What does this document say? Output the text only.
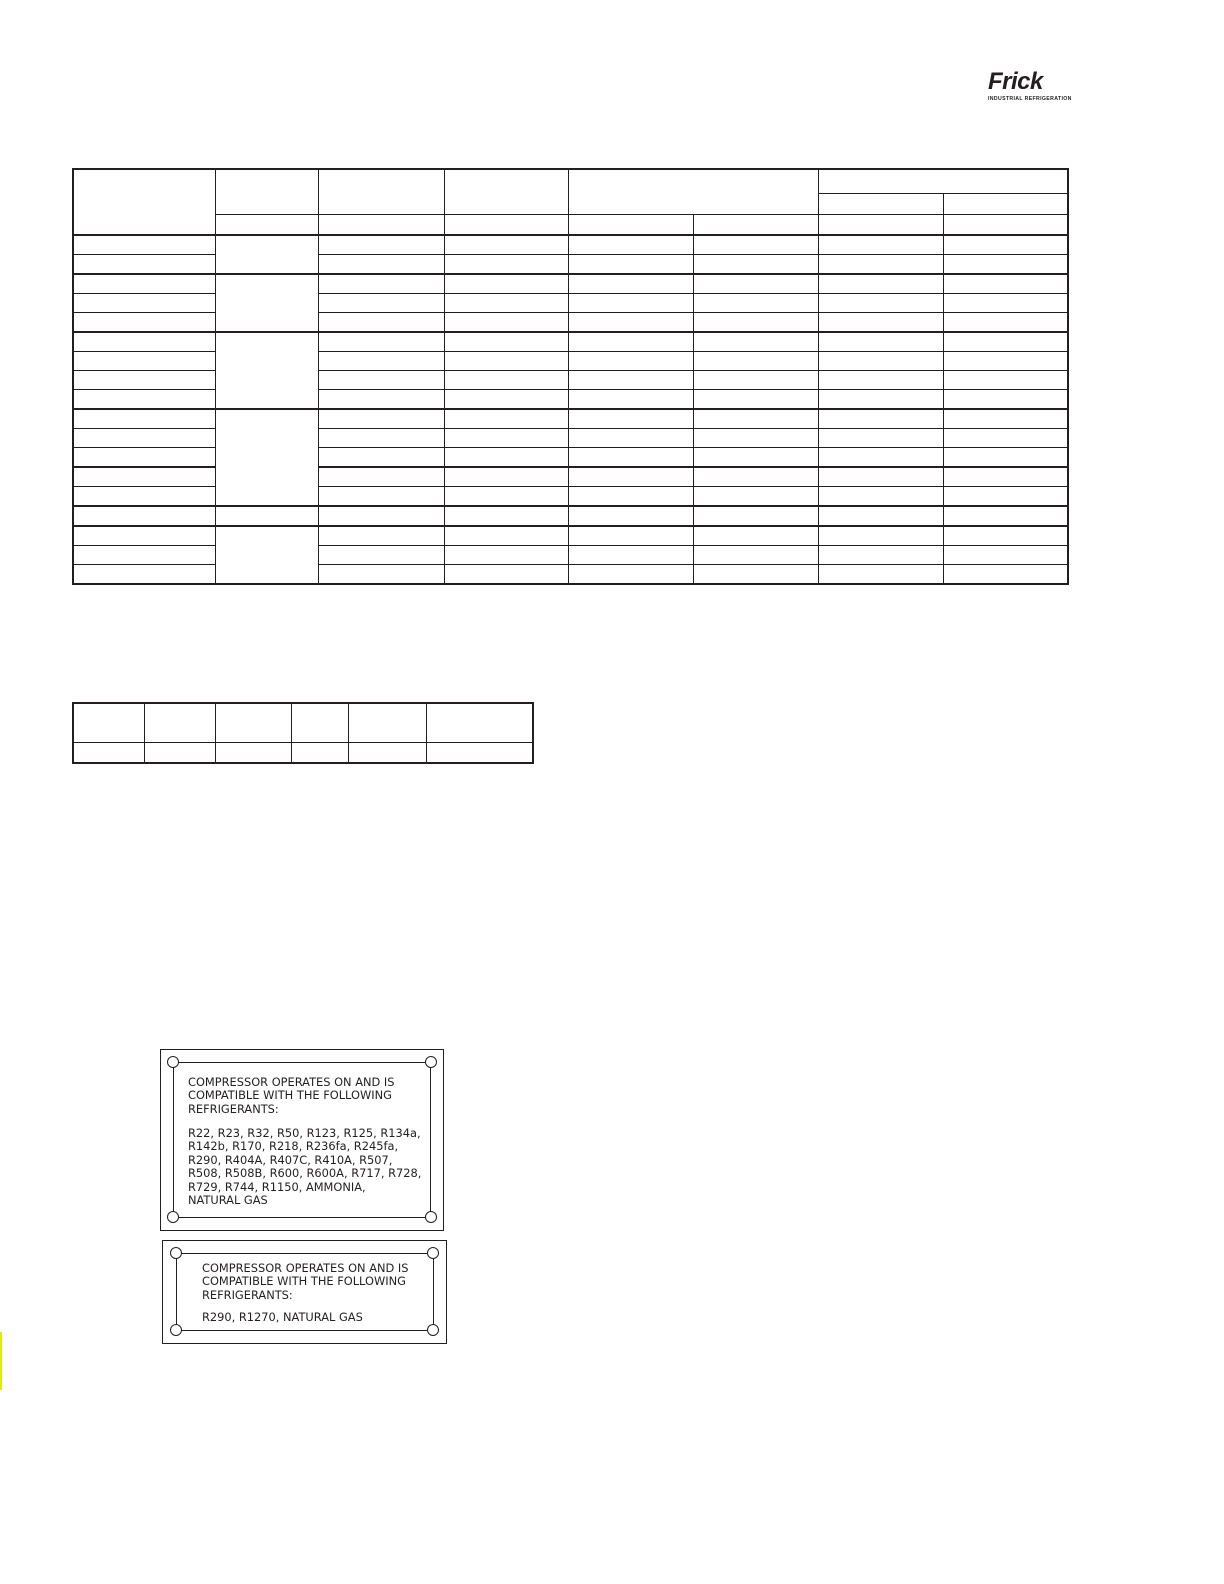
Frick
INDUSTRIAL REFRIGERATION

COMPRESSOR OPERATES ON AND IS
COMPATIBLE WITH THE FOLLOWING
REFRIGERANTS:
R22, R23, R32, R50, R123, R125, R134a,
R142b, R170, R218, R236fa, R245fa,
R290, R404A, R407C, R410A, R507,
R508, R508B, R600, R600A, R717, R728,
R729, R744, R1150, AMMONIA,
NATURAL GAS
COMPRESSOR OPERATES ON AND IS
COMPATIBLE WITH THE FOLLOWING
REFRIGERANTS:
R290, R1270, NATURAL GAS
